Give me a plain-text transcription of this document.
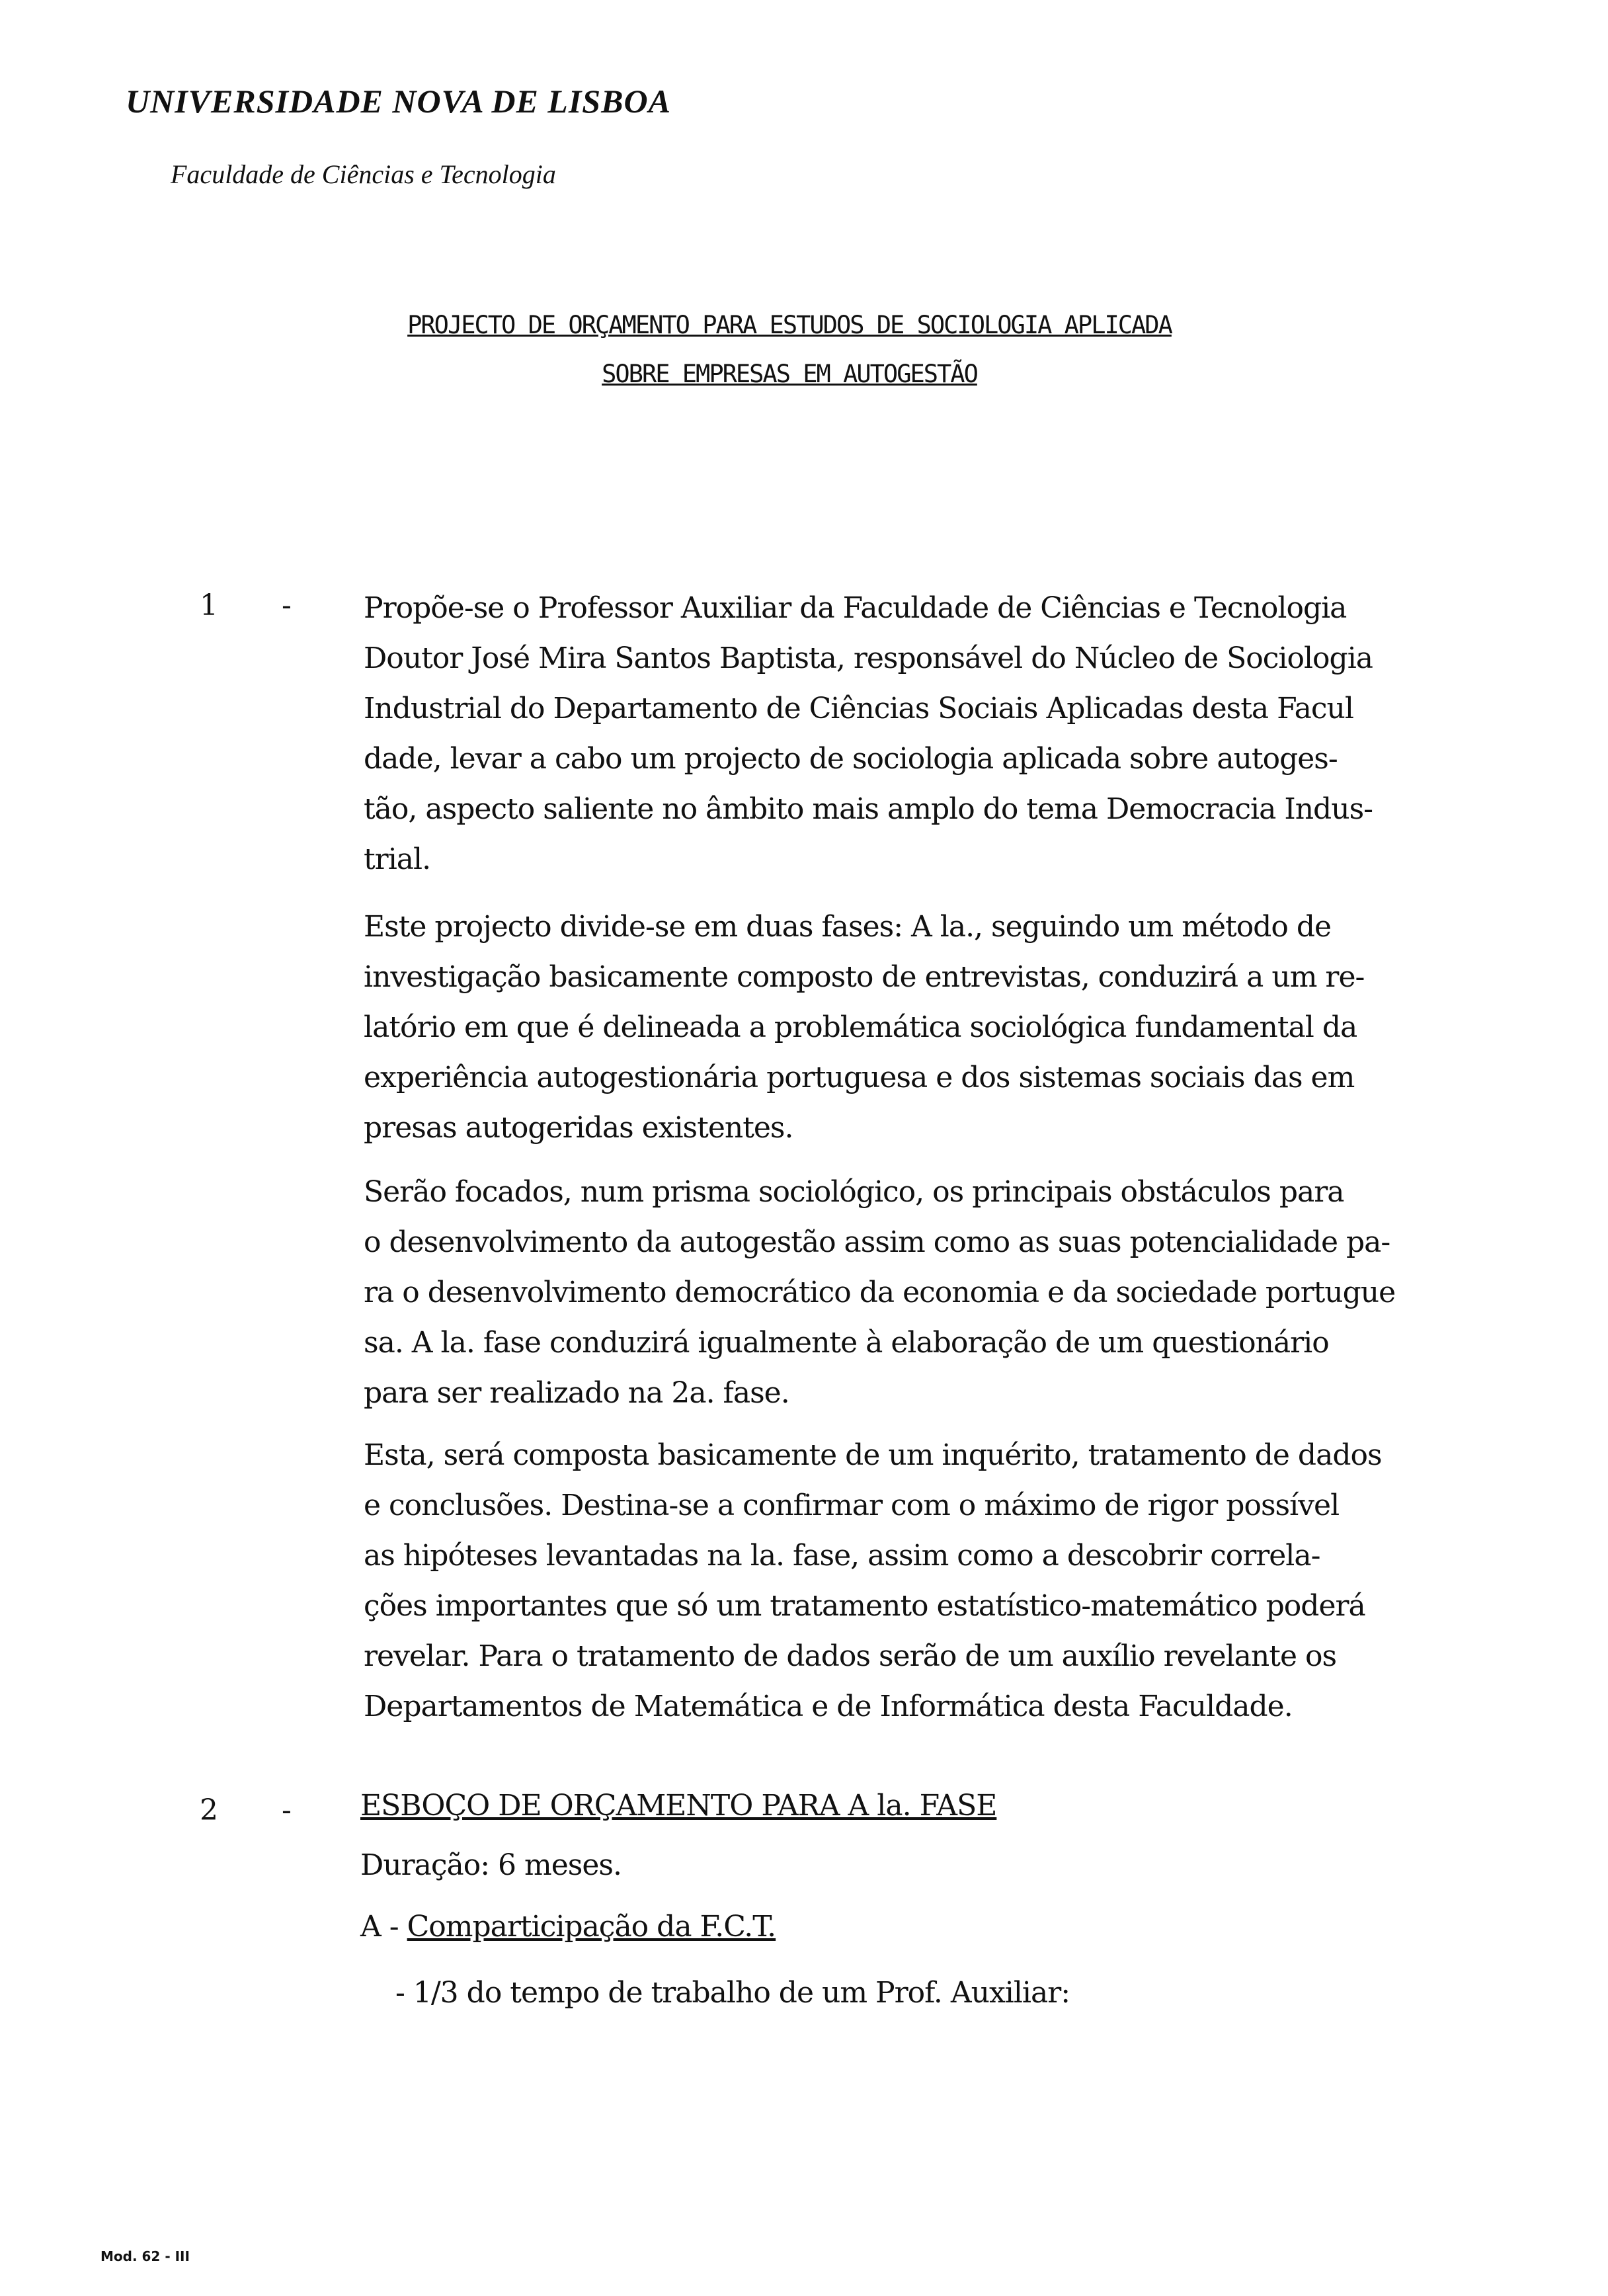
UNIVERSIDADE NOVA DE LISBOA
Faculdade de Ciências e Tecnologia
PROJECTO DE ORÇAMENTO PARA ESTUDOS DE SOCIOLOGIA APLICADA
SOBRE EMPRESAS EM AUTOGESTÃO
1 - Propõe-se o Professor Auxiliar da Faculdade de Ciências e Tecnologia
Doutor José Mira Santos Baptista, responsável do Núcleo de Sociologia
Industrial do Departamento de Ciências Sociais Aplicadas desta Facul
dade, levar a cabo um projecto de sociologia aplicada sobre autoges-
tão, aspecto saliente no âmbito mais amplo do tema Democracia Indus-
trial.
Este projecto divide-se em duas fases: A la., seguindo um método de
investigação basicamente composto de entrevistas, conduzirá a um re-
latório em que é delineada a problemática sociológica fundamental da
experiência autogestionária portuguesa e dos sistemas sociais das em
presas autogeridas existentes.
Serão focados, num prisma sociológico, os principais obstáculos para
o desenvolvimento da autogestão assim como as suas potencialidade pa-
ra o desenvolvimento democrático da economia e da sociedade portugue
sa. A la. fase conduzirá igualmente à elaboração de um questionário
para ser realizado na 2a. fase.
Esta, será composta basicamente de um inquérito, tratamento de dados
e conclusões. Destina-se a confirmar com o máximo de rigor possível
as hipóteses levantadas na la. fase, assim como a descobrir correla-
ções importantes que só um tratamento estatístico-matemático poderá
revelar. Para o tratamento de dados serão de um auxílio revelante os
Departamentos de Matemática e de Informática desta Faculdade.
2 - ESBOÇO DE ORÇAMENTO PARA A la. FASE
Duração: 6 meses.
A - Comparticipação da F.C.T.
- 1/3 do tempo de trabalho de um Prof. Auxiliar:
Mod. 62 - III
